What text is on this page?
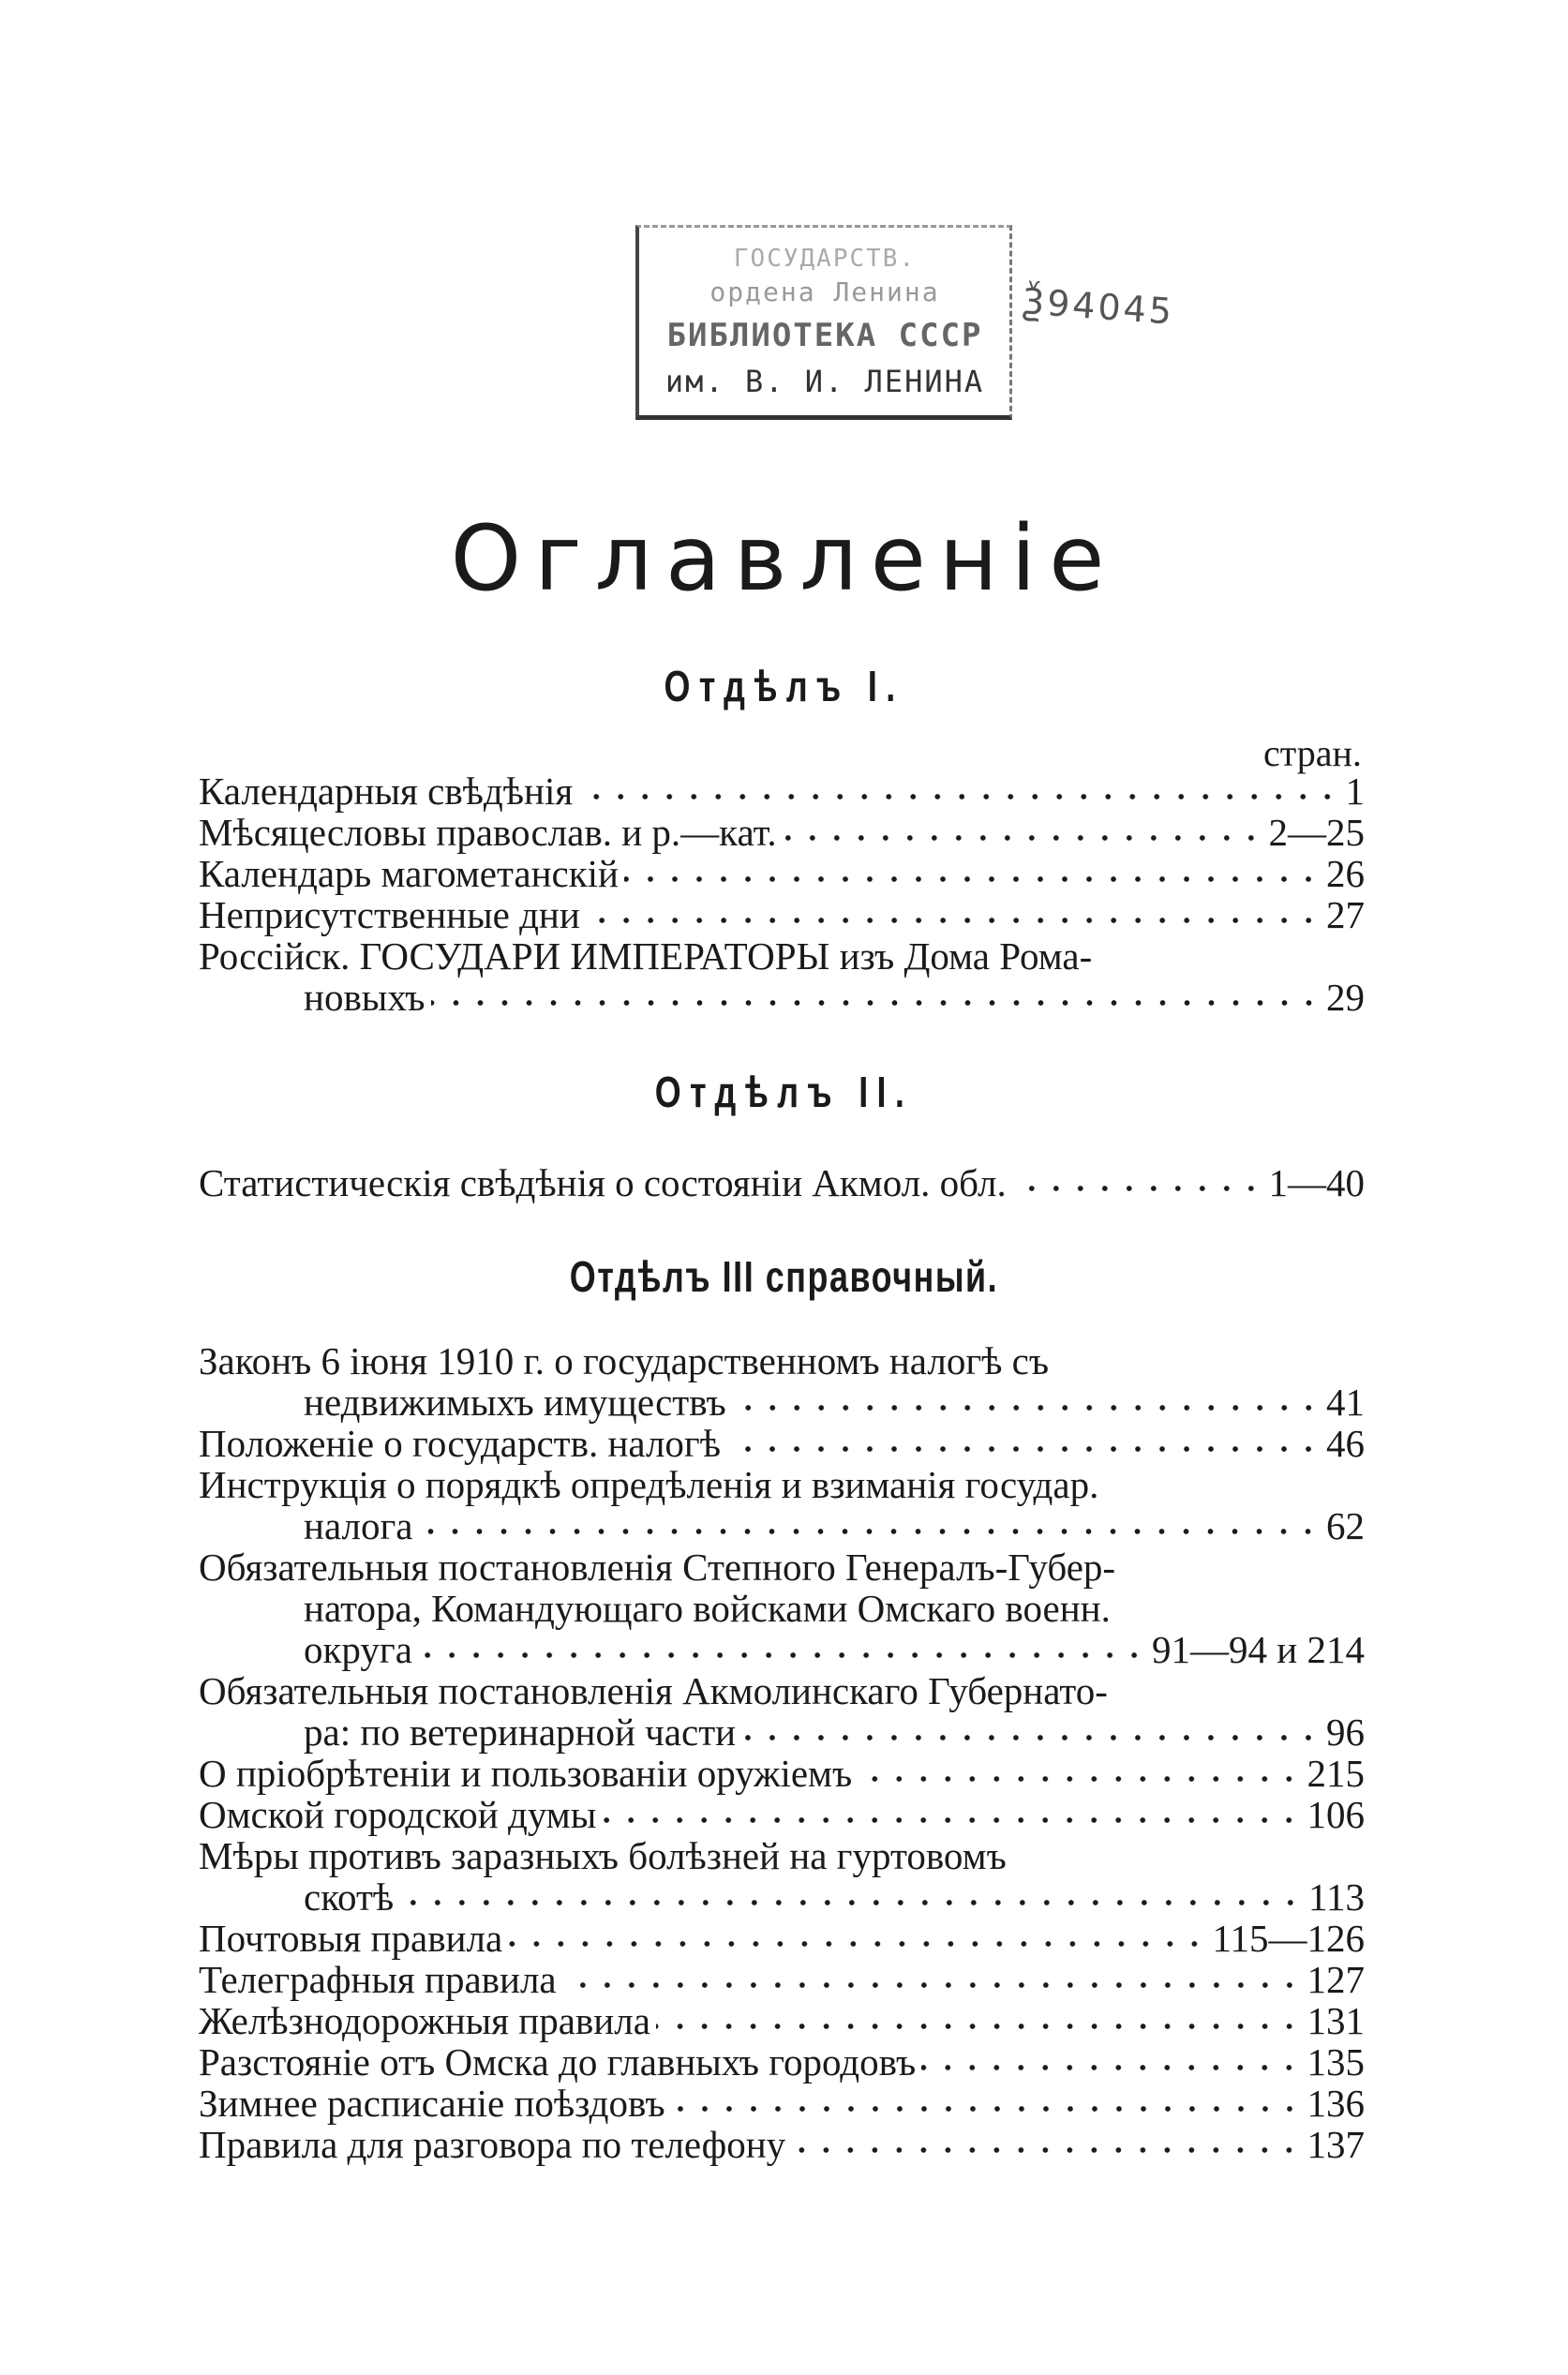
ГОСУДАРСТВ.
ордена Ленина
БИБЛИОТЕКА СССР
им. В. И. ЛЕНИНА
Ѯ94045
Оглавленіе
Отдѣлъ I.
стран.
Календарныя свѣдѣнія	1
Мѣсяцесловы православ. и р.—кат.	2—25
Календарь магометанскій	26
Неприсутственные дни	27
Россійск. ГОСУДАРИ ИМПЕРАТОРЫ изъ Дома Рома-
новыхъ	29
Отдѣлъ II.
Статистическія свѣдѣнія о состояніи Акмол. обл.	1—40
Отдѣлъ III справочный.
Законъ 6 іюня 1910 г. о государственномъ налогѣ съ
недвижимыхъ имуществъ	41
Положеніе о государств. налогѣ	46
Инструкція о порядкѣ опредѣленія и взиманія государ.
налога	62
Обязательныя постановленія Степного Генералъ-Губер-
натора, Командующаго войсками Омскаго военн.
округа	91—94 и 214
Обязательныя постановленія Акмолинскаго Губернато-
ра: по ветеринарной части	96
О пріобрѣтеніи и пользованіи оружіемъ	215
Омской городской думы	106
Мѣры противъ заразныхъ болѣзней на гуртовомъ
скотѣ	113
Почтовыя правила	115—126
Телеграфныя правила	127
Желѣзнодорожныя правила	131
Разстояніе отъ Омска до главныхъ городовъ	135
Зимнее расписаніе поѣздовъ	136
Правила для разговора по телефону	137
